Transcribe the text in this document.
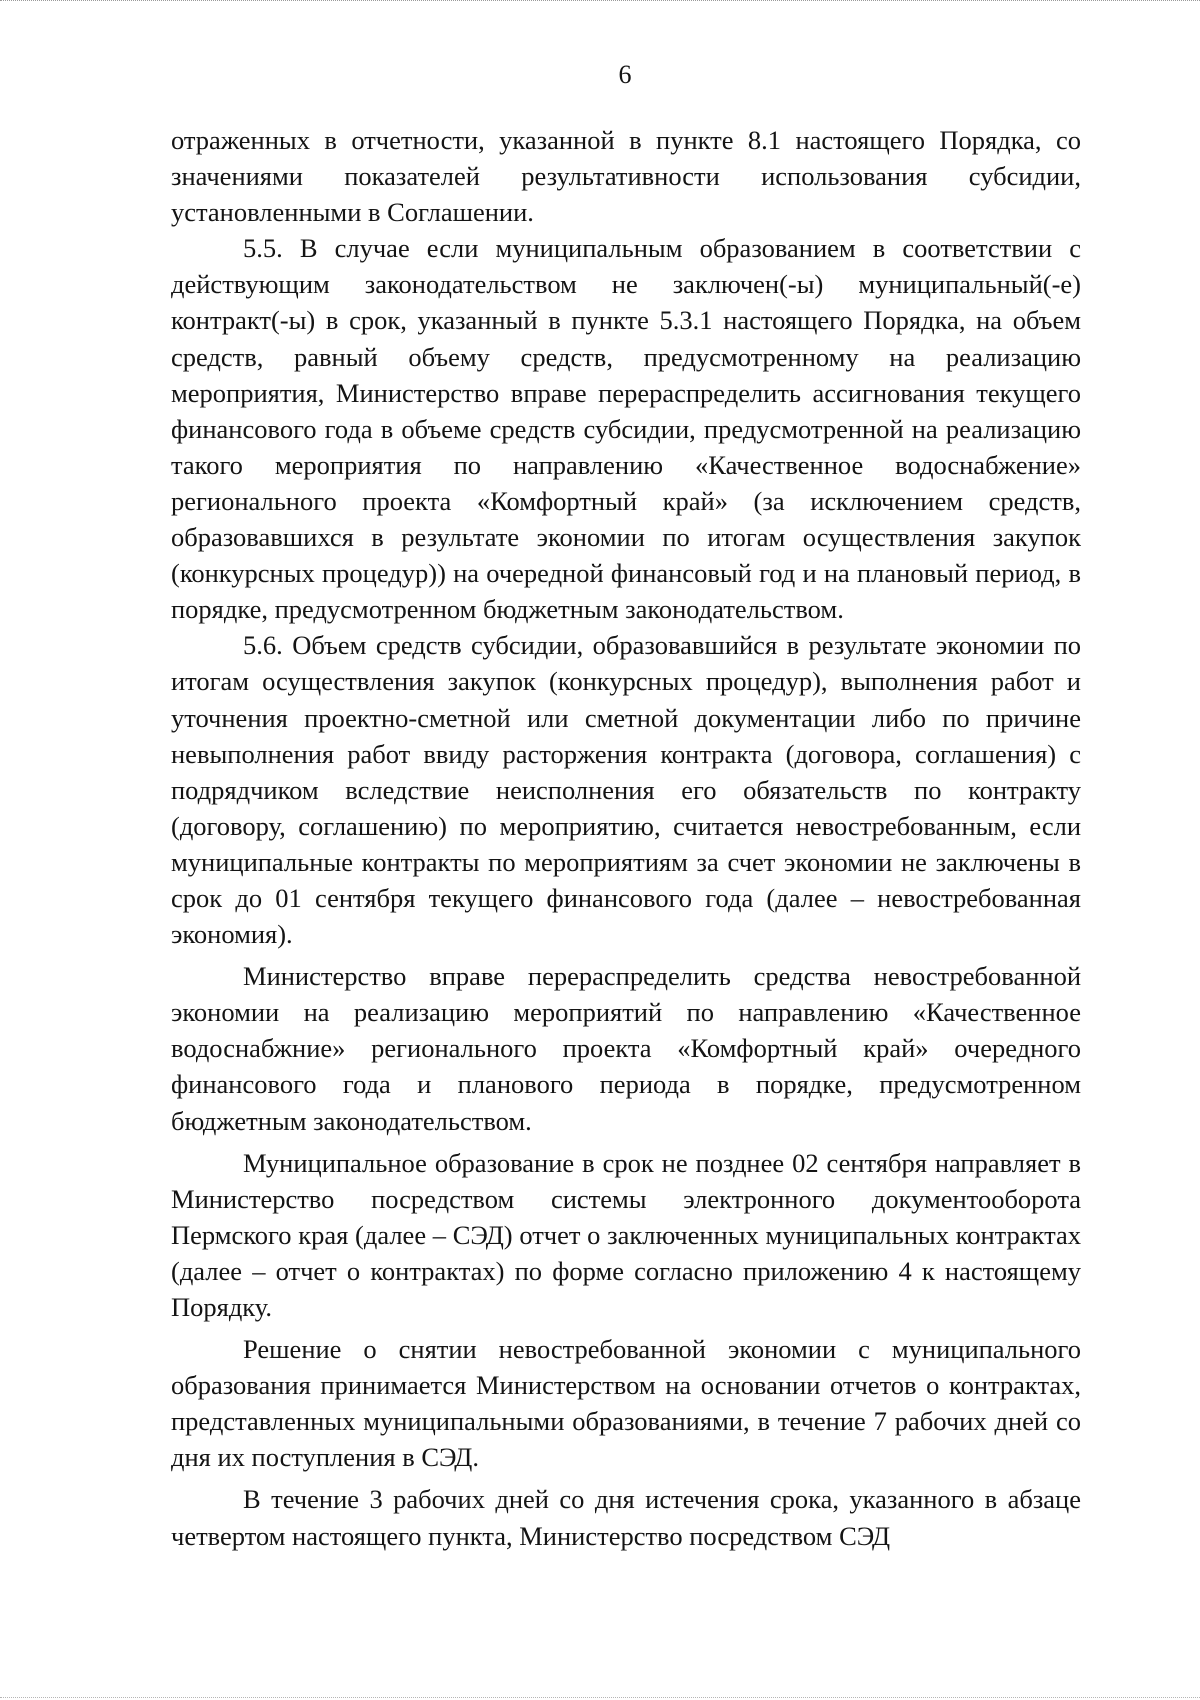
6

отраженных в отчетности, указанной в пункте 8.1 настоящего Порядка, со значениями показателей результативности использования субсидии, установленными в Соглашении.

5.5. В случае если муниципальным образованием в соответствии с действующим законодательством не заключен(-ы) муниципальный(-е) контракт(-ы) в срок, указанный в пункте 5.3.1 настоящего Порядка, на объем средств, равный объему средств, предусмотренному на реализацию мероприятия, Министерство вправе перераспределить ассигнования текущего финансового года в объеме средств субсидии, предусмотренной на реализацию такого мероприятия по направлению «Качественное водоснабжение» регионального проекта «Комфортный край» (за исключением средств, образовавшихся в результате экономии по итогам осуществления закупок (конкурсных процедур)) на очередной финансовый год и на плановый период, в порядке, предусмотренном бюджетным законодательством.

5.6. Объем средств субсидии, образовавшийся в результате экономии по итогам осуществления закупок (конкурсных процедур), выполнения работ и уточнения проектно-сметной или сметной документации либо по причине невыполнения работ ввиду расторжения контракта (договора, соглашения) с подрядчиком вследствие неисполнения его обязательств по контракту (договору, соглашению) по мероприятию, считается невостребованным, если муниципальные контракты по мероприятиям за счет экономии не заключены в срок до 01 сентября текущего финансового года (далее – невостребованная экономия).

Министерство вправе перераспределить средства невостребованной экономии на реализацию мероприятий по направлению «Качественное водоснабжние» регионального проекта «Комфортный край» очередного финансового года и планового периода в порядке, предусмотренном бюджетным законодательством.

Муниципальное образование в срок не позднее 02 сентября направляет в Министерство посредством системы электронного документооборота Пермского края (далее – СЭД) отчет о заключенных муниципальных контрактах (далее – отчет о контрактах) по форме согласно приложению 4 к настоящему Порядку.

Решение о снятии невостребованной экономии с муниципального образования принимается Министерством на основании отчетов о контрактах, представленных муниципальными образованиями, в течение 7 рабочих дней со дня их поступления в СЭД.

В течение 3 рабочих дней со дня истечения срока, указанного в абзаце четвертом настоящего пункта, Министерство посредством СЭД
